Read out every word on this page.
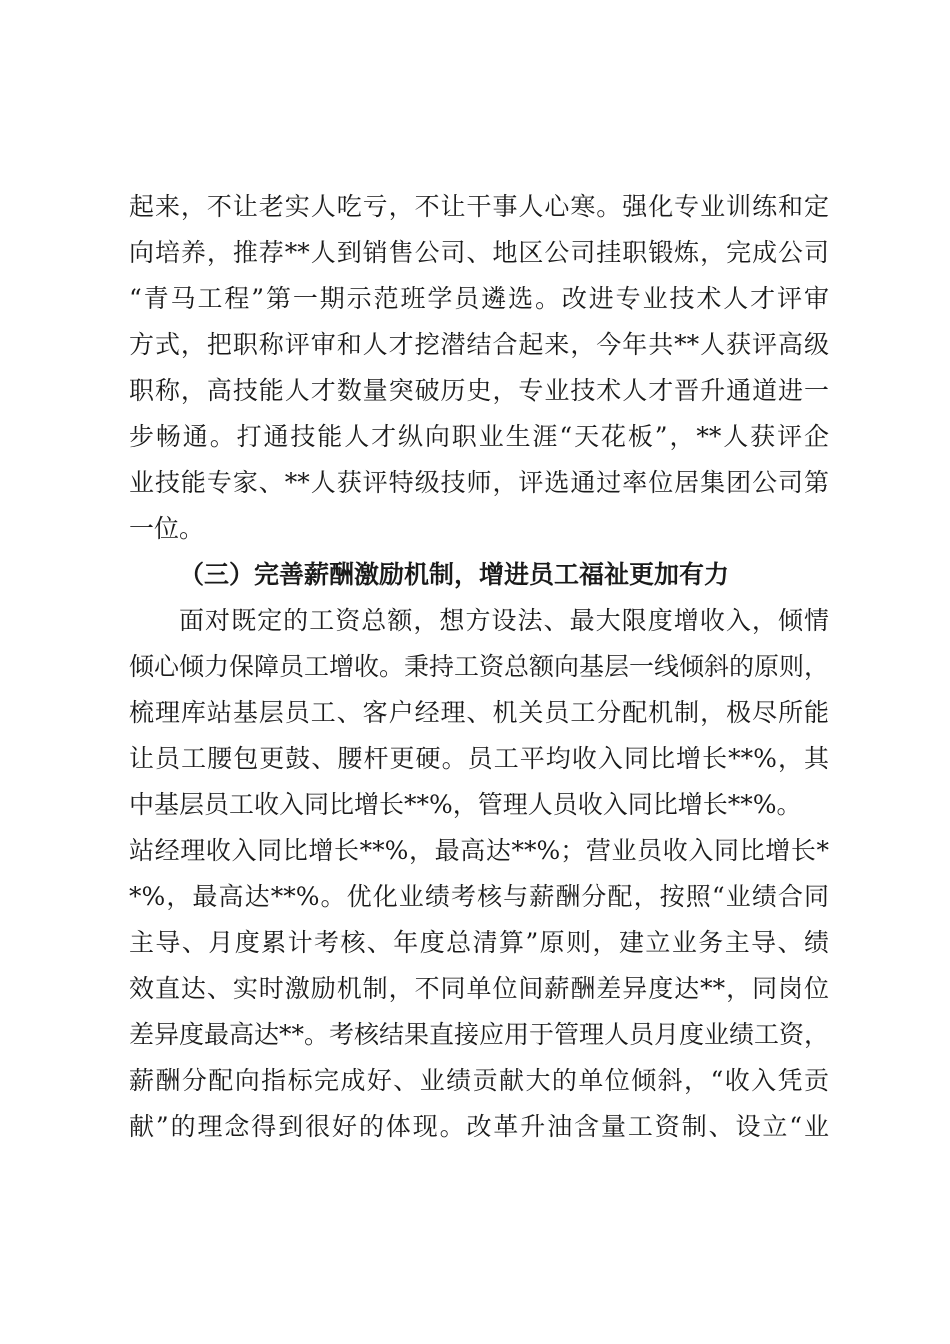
起来，不让老实人吃亏，不让干事人心寒。强化专业训练和定
向培养，推荐**人到销售公司、地区公司挂职锻炼，完成公司
“青马工程”第一期示范班学员遴选。改进专业技术人才评审
方式，把职称评审和人才挖潜结合起来，今年共**人获评高级
职称，高技能人才数量突破历史，专业技术人才晋升通道进一
步畅通。打通技能人才纵向职业生涯“天花板”，**人获评企
业技能专家、**人获评特级技师，评选通过率位居集团公司第
一位。
（三）完善薪酬激励机制，增进员工福祉更加有力
面对既定的工资总额，想方设法、最大限度增收入，倾情
倾心倾力保障员工增收。秉持工资总额向基层一线倾斜的原则，
梳理库站基层员工、客户经理、机关员工分配机制，极尽所能
让员工腰包更鼓、腰杆更硬。员工平均收入同比增长**%，其
中基层员工收入同比增长**%，管理人员收入同比增长**%。
站经理收入同比增长**%，最高达**%；营业员收入同比增长*
*%，最高达**%。优化业绩考核与薪酬分配，按照“业绩合同
主导、月度累计考核、年度总清算”原则，建立业务主导、绩
效直达、实时激励机制，不同单位间薪酬差异度达**，同岗位
差异度最高达**。考核结果直接应用于管理人员月度业绩工资，
薪酬分配向指标完成好、业绩贡献大的单位倾斜，“收入凭贡
献”的理念得到很好的体现。改革升油含量工资制、设立“业
